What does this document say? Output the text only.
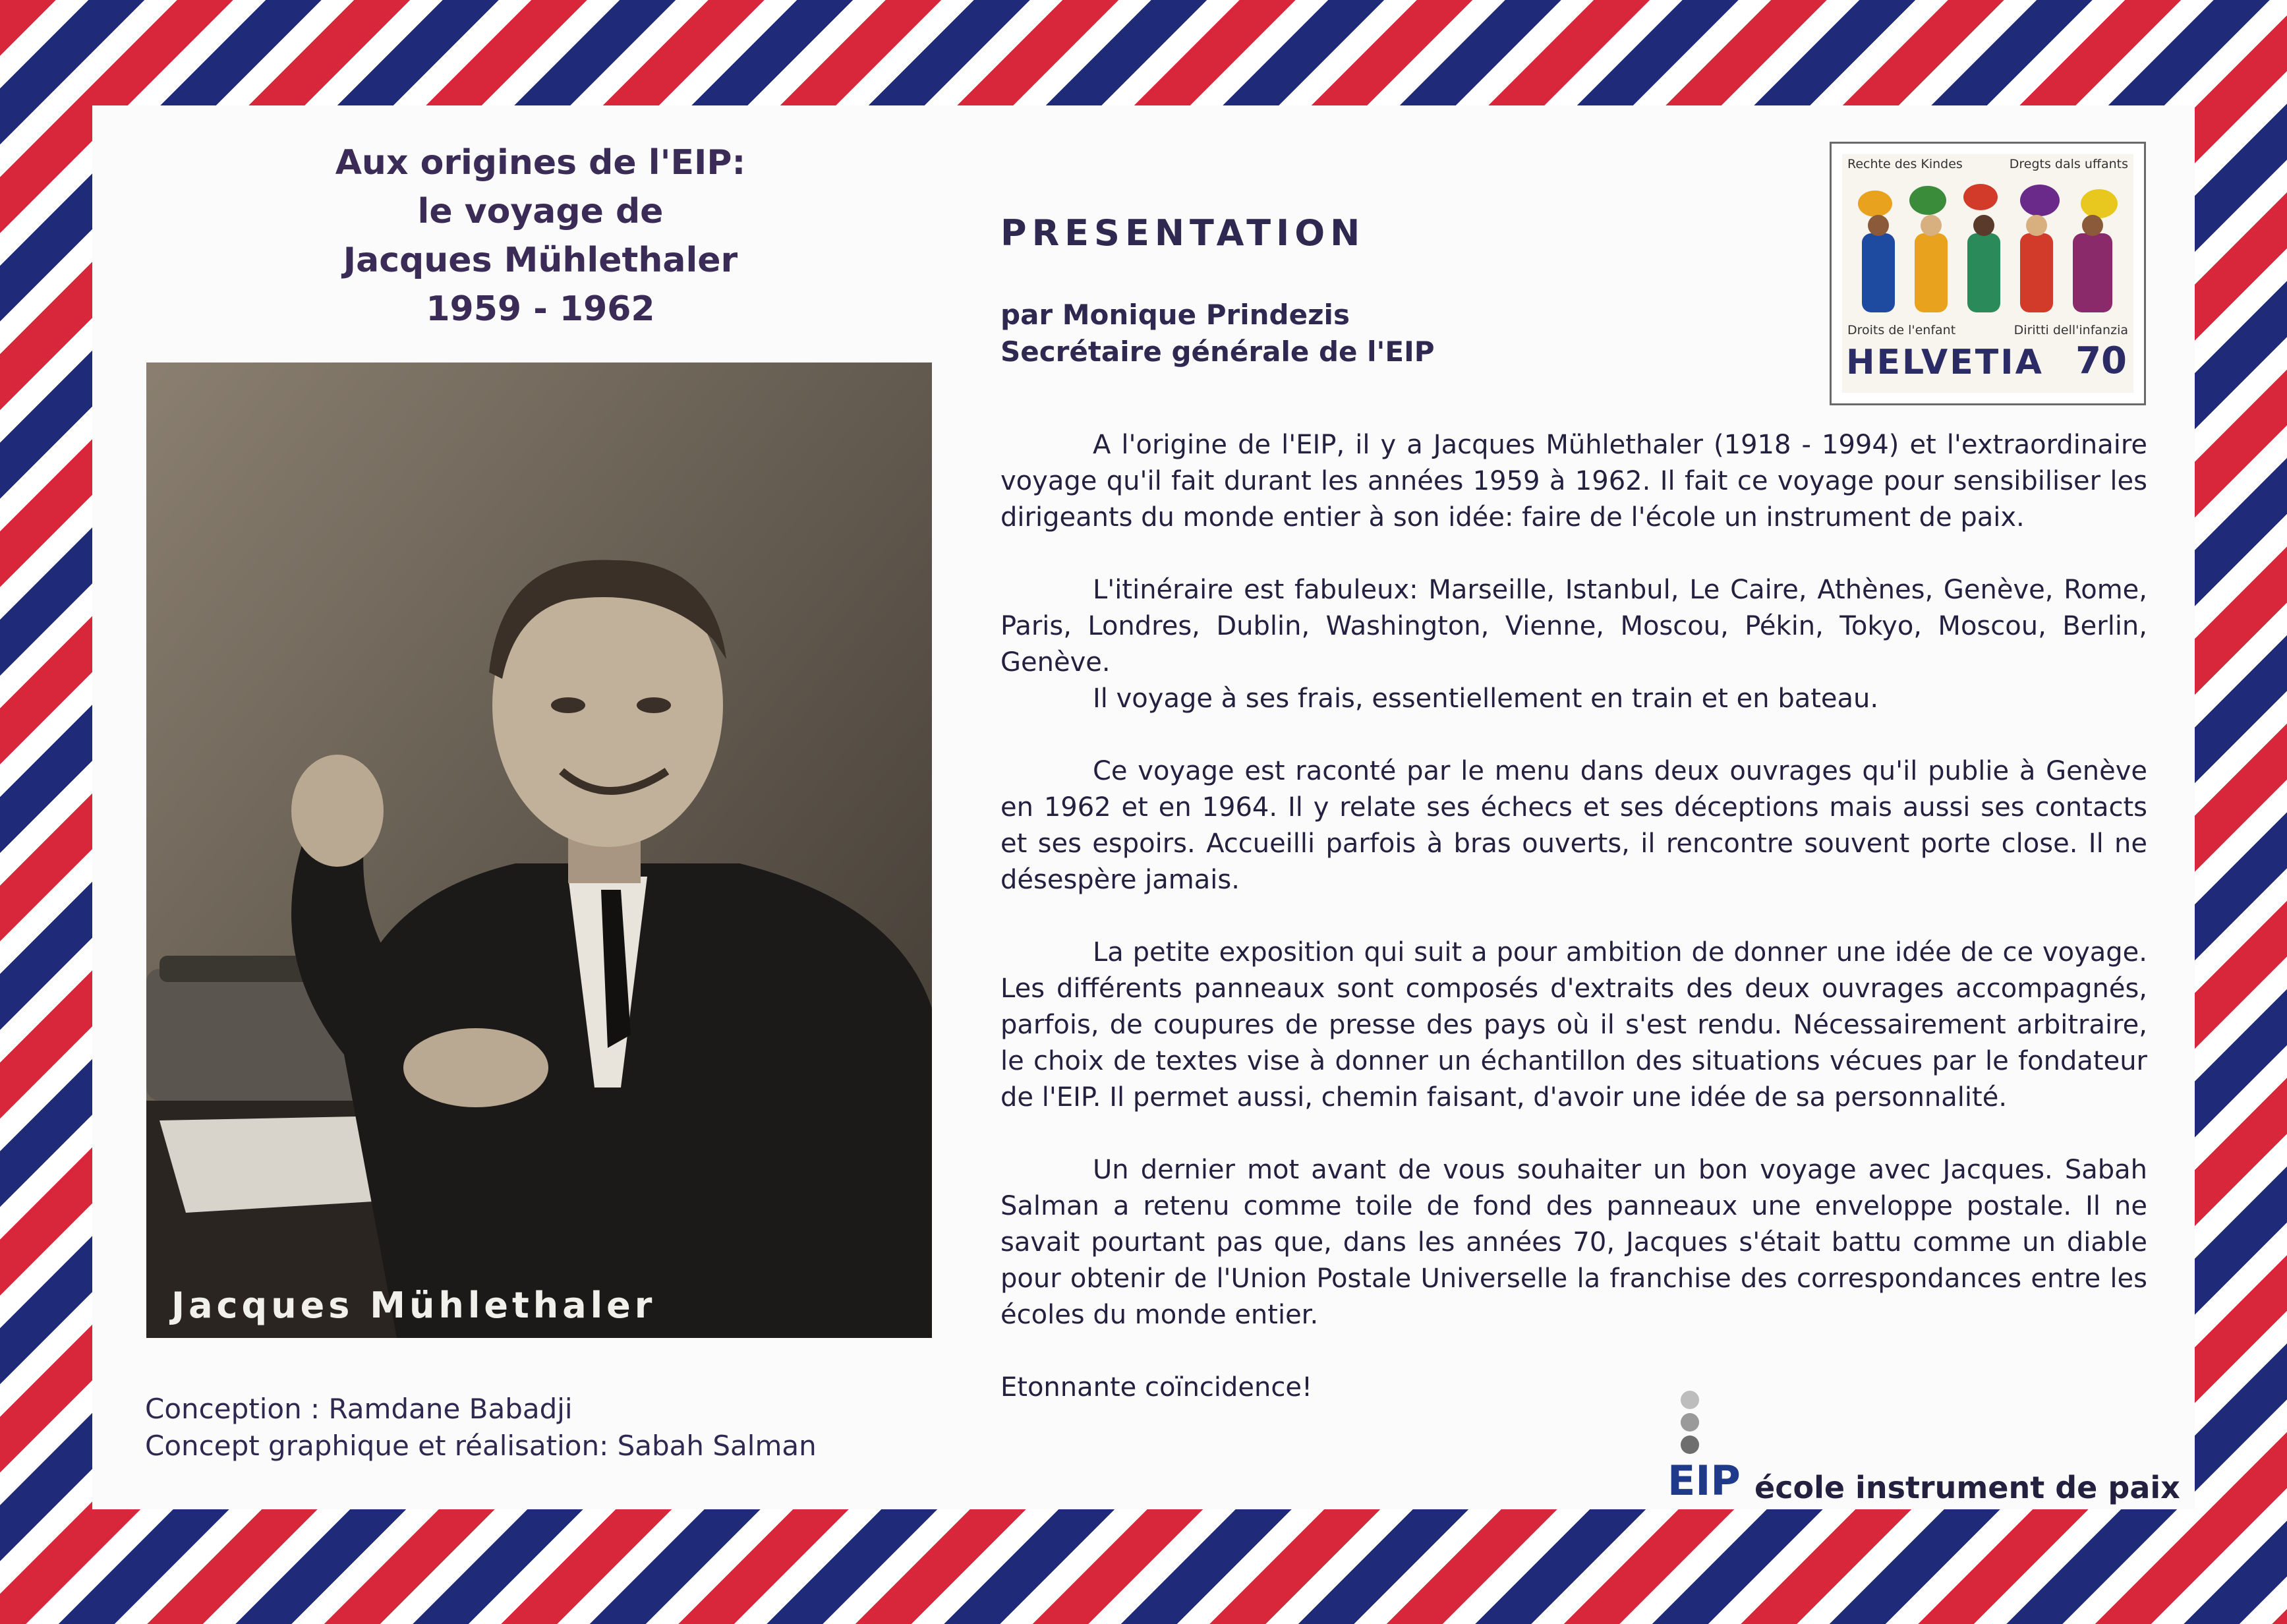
Aux origines de l'EIP:
le voyage de
Jacques Mühlethaler
1959 - 1962
Jacques Mühlethaler
Conception : Ramdane Babadji
Concept graphique et réalisation: Sabah Salman
PRESENTATION
par Monique Prindezis
Secrétaire générale de l'EIP

A l'origine de l'EIP, il y a Jacques Mühlethaler (1918 - 1994) et l'extraordinaire voyage qu'il fait durant les années 1959 à 1962. Il fait ce voyage pour sensibiliser les dirigeants du monde entier à son idée: faire de l'école un instrument de paix.

L'itinéraire est fabuleux: Marseille, Istanbul, Le Caire, Athènes, Genève, Rome, Paris, Londres, Dublin, Washington, Vienne, Moscou, Pékin, Tokyo, Moscou, Berlin, Genève.

Il voyage à ses frais, essentiellement en train et en bateau.

Ce voyage est raconté par le menu dans deux ouvrages qu'il publie à Genève en 1962 et en 1964. Il y relate ses échecs et ses déceptions mais aussi ses contacts et ses espoirs. Accueilli parfois à bras ouverts, il rencontre souvent porte close. Il ne désespère jamais.

La petite exposition qui suit a pour ambition de donner une idée de ce voyage. Les différents panneaux sont composés d'extraits des deux ouvrages accompagnés, parfois, de coupures de presse des pays où il s'est rendu. Nécessairement arbitraire, le choix de textes vise à donner un échantillon des situations vécues par le fondateur de l'EIP. Il permet aussi, chemin faisant, d'avoir une idée de sa personnalité.

Un dernier mot avant de vous souhaiter un bon voyage avec Jacques. Sabah Salman a retenu comme toile de fond des panneaux une enveloppe postale. Il ne savait pourtant pas que, dans les années 70, Jacques s'était battu comme un diable pour obtenir de l'Union Postale Universelle la franchise des correspondances entre les écoles du monde entier.

Etonnante coïncidence!

Rechte des Kindes	Dregts dals uffants
Droits de l'enfant	Diritti dell'infanzia
HELVETIA 70
EIP école instrument de paix
